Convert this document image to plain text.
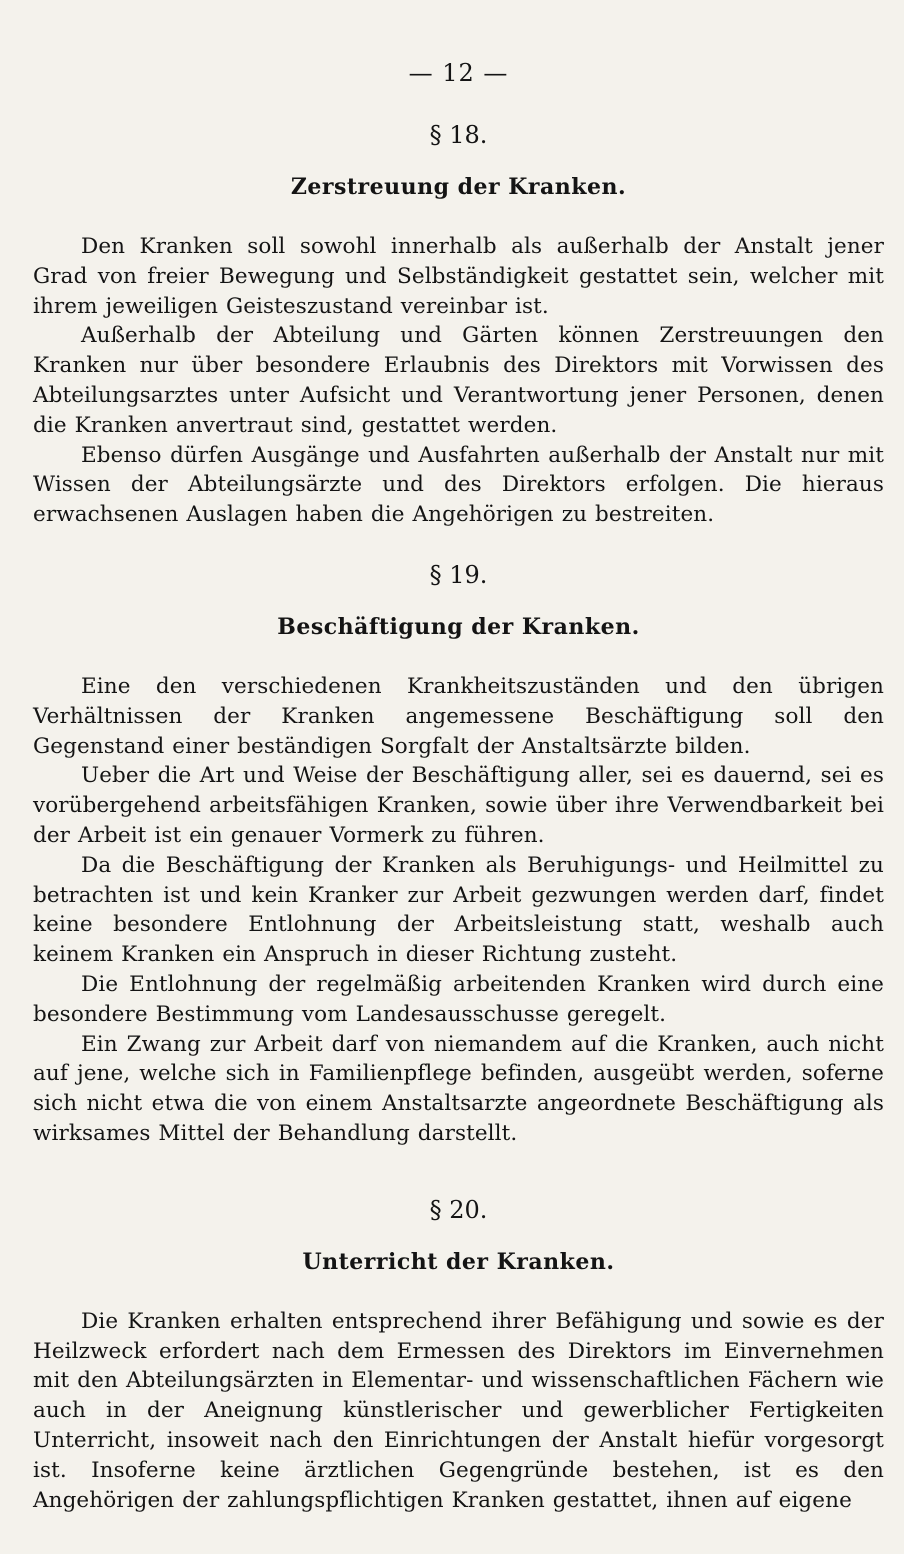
— 12 —
§ 18.
Zerstreuung der Kranken.

Den Kranken soll sowohl innerhalb als außerhalb der Anstalt jener Grad von freier Bewegung und Selbständigkeit gestattet sein, welcher mit ihrem jeweiligen Geisteszustand vereinbar ist.

Außerhalb der Abteilung und Gärten können Zerstreuungen den Kranken nur über besondere Erlaubnis des Direktors mit Vorwissen des Abteilungsarztes unter Aufsicht und Verantwortung jener Personen, denen die Kranken anvertraut sind, gestattet werden.

Ebenso dürfen Ausgänge und Ausfahrten außerhalb der Anstalt nur mit Wissen der Abteilungsärzte und des Direktors erfolgen. Die hieraus erwachsenen Auslagen haben die Angehörigen zu bestreiten.

§ 19.
Beschäftigung der Kranken.

Eine den verschiedenen Krankheitszuständen und den übrigen Verhältnissen der Kranken angemessene Beschäftigung soll den Gegenstand einer beständigen Sorgfalt der Anstaltsärzte bilden.

Ueber die Art und Weise der Beschäftigung aller, sei es dauernd, sei es vorübergehend arbeitsfähigen Kranken, sowie über ihre Verwendbarkeit bei der Arbeit ist ein genauer Vormerk zu führen.

Da die Beschäftigung der Kranken als Beruhigungs- und Heilmittel zu betrachten ist und kein Kranker zur Arbeit gezwungen werden darf, findet keine besondere Entlohnung der Arbeitsleistung statt, weshalb auch keinem Kranken ein Anspruch in dieser Richtung zusteht.

Die Entlohnung der regelmäßig arbeitenden Kranken wird durch eine besondere Bestimmung vom Landesausschusse geregelt.

Ein Zwang zur Arbeit darf von niemandem auf die Kranken, auch nicht auf jene, welche sich in Familienpflege befinden, ausgeübt werden, soferne sich nicht etwa die von einem Anstaltsarzte angeordnete Beschäftigung als wirksames Mittel der Behandlung darstellt.

§ 20.
Unterricht der Kranken.

Die Kranken erhalten entsprechend ihrer Befähigung und sowie es der Heilzweck erfordert nach dem Ermessen des Direktors im Einvernehmen mit den Abteilungsärzten in Elementar- und wissenschaftlichen Fächern wie auch in der Aneignung künstlerischer und gewerblicher Fertigkeiten Unterricht, insoweit nach den Einrichtungen der Anstalt hiefür vorgesorgt ist. Insoferne keine ärztlichen Gegengründe bestehen, ist es den Angehörigen der zahlungspflichtigen Kranken gestattet, ihnen auf eigene
